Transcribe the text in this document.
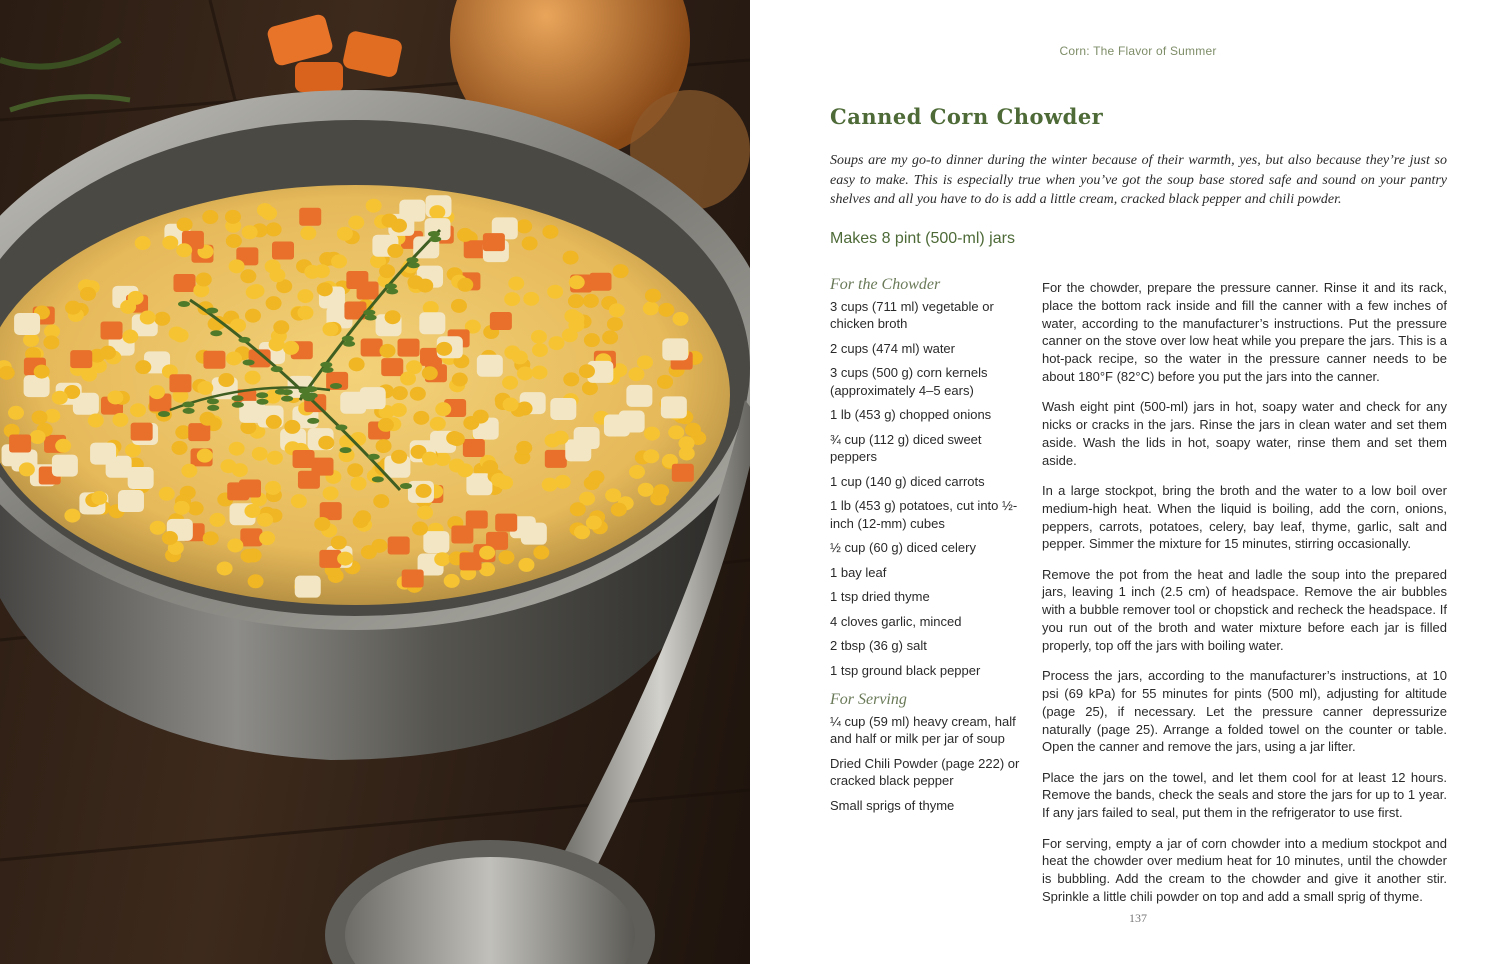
Corn: The Flavor of Summer
Canned Corn Chowder

Soups are my go-to dinner during the winter because of their warmth, yes, but also because they’re just so easy to make. This is especially true when you’ve got the soup base stored safe and sound on your pantry shelves and all you have to do is add a little cream, cracked black pepper and chili powder.

Makes 8 pint (500-ml) jars
For the Chowder
3 cups (711 ml) vegetable or chicken broth
2 cups (474 ml) water
3 cups (500 g) corn kernels (approximately 4–5 ears)
1 lb (453 g) chopped onions
¾ cup (112 g) diced sweet peppers
1 cup (140 g) diced carrots
1 lb (453 g) potatoes, cut into ½-inch (12-mm) cubes
½ cup (60 g) diced celery
1 bay leaf
1 tsp dried thyme
4 cloves garlic, minced
2 tbsp (36 g) salt
1 tsp ground black pepper
For Serving
¼ cup (59 ml) heavy cream, half and half or milk per jar of soup
Dried Chili Powder (page 222) or cracked black pepper
Small sprigs of thyme

For the chowder, prepare the pressure canner. Rinse it and its rack, place the bottom rack inside and fill the canner with a few inches of water, according to the manufacturer’s instructions. Put the pressure canner on the stove over low heat while you prepare the jars. This is a hot-pack recipe, so the water in the pressure canner needs to be about 180°F (82°C) before you put the jars into the canner.

Wash eight pint (500-ml) jars in hot, soapy water and check for any nicks or cracks in the jars. Rinse the jars in clean water and set them aside. Wash the lids in hot, soapy water, rinse them and set them aside.

In a large stockpot, bring the broth and the water to a low boil over medium-high heat. When the liquid is boiling, add the corn, onions, peppers, carrots, potatoes, celery, bay leaf, thyme, garlic, salt and pepper. Simmer the mixture for 15 minutes, stirring occasionally.

Remove the pot from the heat and ladle the soup into the prepared jars, leaving 1 inch (2.5 cm) of headspace. Remove the air bubbles with a bubble remover tool or chopstick and recheck the headspace. If you run out of the broth and water mixture before each jar is filled properly, top off the jars with boiling water.

Process the jars, according to the manufacturer’s instructions, at 10 psi (69 kPa) for 55 minutes for pints (500 ml), adjusting for altitude (page 25), if necessary. Let the pressure canner depressurize naturally (page 25). Arrange a folded towel on the counter or table. Open the canner and remove the jars, using a jar lifter.

Place the jars on the towel, and let them cool for at least 12 hours. Remove the bands, check the seals and store the jars for up to 1 year. If any jars failed to seal, put them in the refrigerator to use first.

For serving, empty a jar of corn chowder into a medium stockpot and heat the chowder over medium heat for 10 minutes, until the chowder is bubbling. Add the cream to the chowder and give it another stir. Sprinkle a little chili powder on top and add a small sprig of thyme.

137
